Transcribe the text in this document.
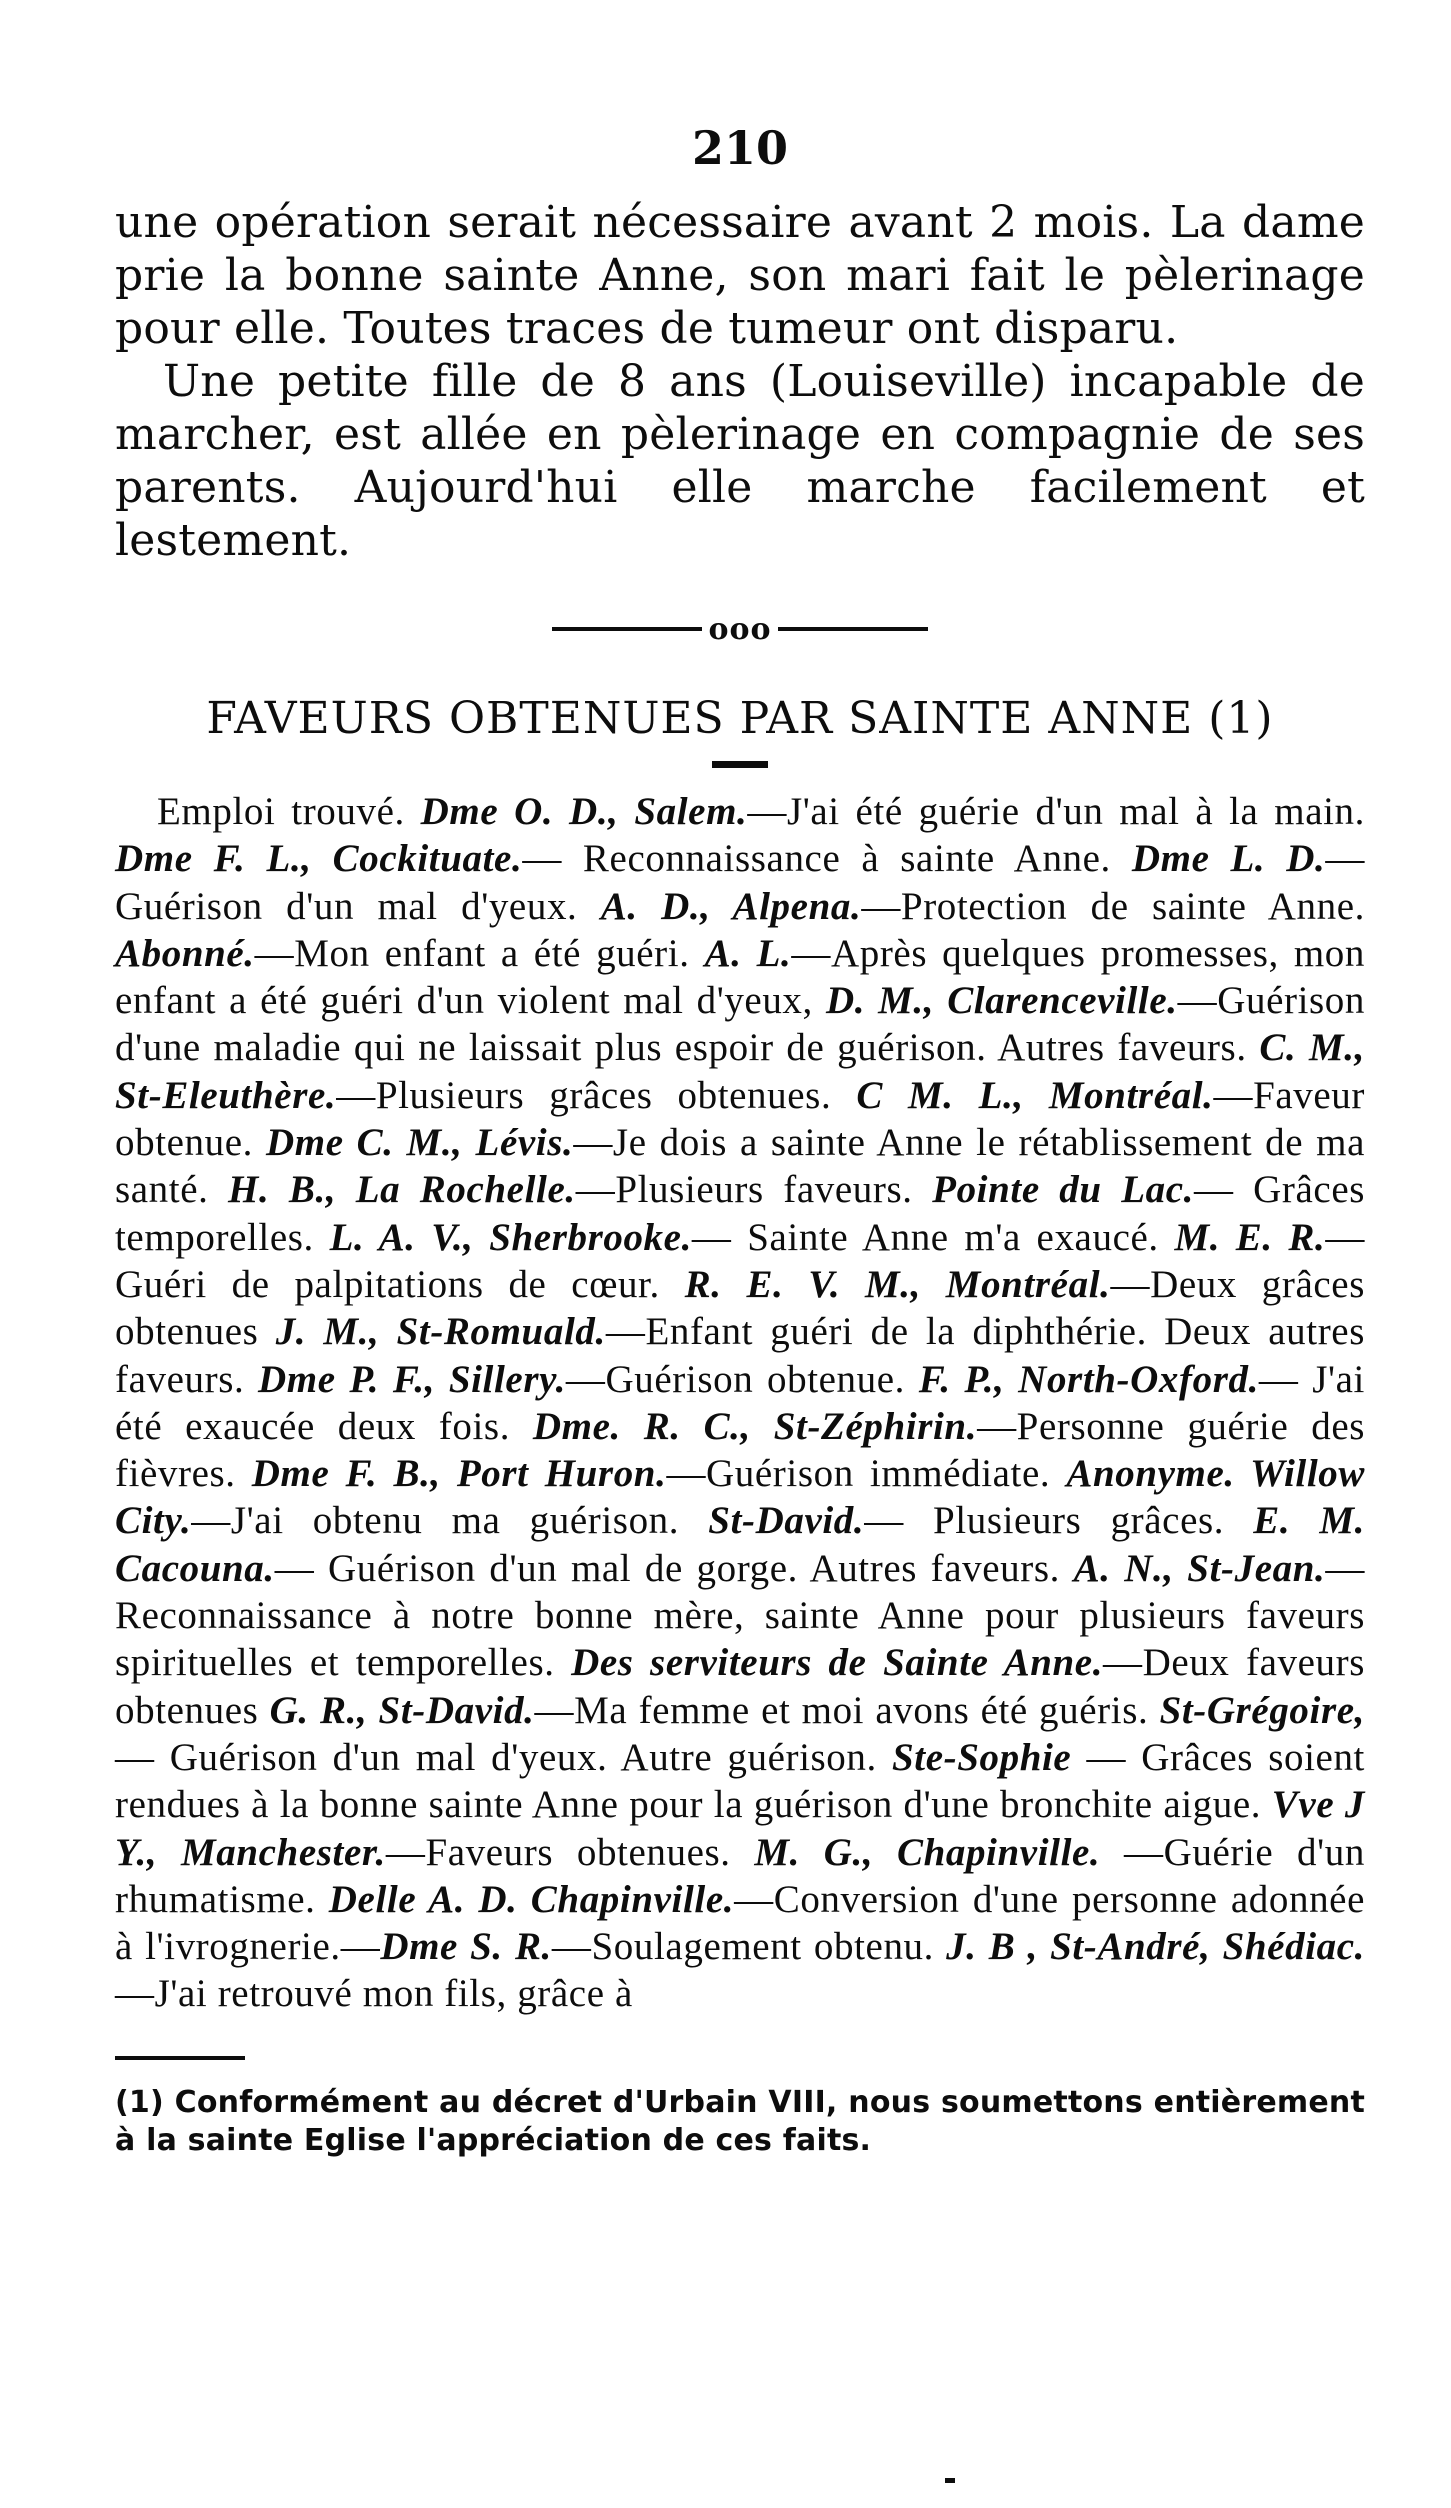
210

une opération serait nécessaire avant 2 mois. La dame prie la bonne sainte Anne, son mari fait le pèlerinage pour elle. Toutes traces de tumeur ont disparu.

Une petite fille de 8 ans (Louiseville) incapable de marcher, est allée en pèlerinage en compagnie de ses parents. Aujourd'hui elle marche facilement et lestement.

ooo
FAVEURS OBTENUES PAR SAINTE ANNE (1)

Emploi trouvé. Dme O. D., Salem.—J'ai été guérie d'un mal à la main. Dme F. L., Cockituate.— Reconnaissance à sainte Anne. Dme L. D.—Guérison d'un mal d'yeux. A. D., Alpena.—Protection de sainte Anne. Abonné.—Mon enfant a été guéri. A. L.—Après quelques promesses, mon enfant a été guéri d'un violent mal d'yeux, D. M., Clarenceville.—Guérison d'une maladie qui ne laissait plus espoir de guérison. Autres faveurs. C. M., St-Eleuthère.—Plusieurs grâces obtenues. C M. L., Montréal.—Faveur obtenue. Dme C. M., Lévis.—Je dois a sainte Anne le rétablissement de ma santé. H. B., La Rochelle.—Plusieurs faveurs. Pointe du Lac.— Grâces temporelles. L. A. V., Sherbrooke.— Sainte Anne m'a exaucé. M. E. R.—Guéri de palpitations de cœur. R. E. V. M., Montréal.—Deux grâces obtenues J. M., St-Romuald.—Enfant guéri de la diphthérie. Deux autres faveurs. Dme P. F., Sillery.—Guérison obtenue. F. P., North-Oxford.— J'ai été exaucée deux fois. Dme. R. C., St-Zéphirin.—Personne guérie des fièvres. Dme F. B., Port Huron.—Guérison immédiate. Anonyme. Willow City.—J'ai obtenu ma guérison. St-David.— Plusieurs grâces. E. M. Cacouna.— Guérison d'un mal de gorge. Autres faveurs. A. N., St-Jean.—Reconnaissance à notre bonne mère, sainte Anne pour plusieurs faveurs spirituelles et temporelles. Des serviteurs de Sainte Anne.—Deux faveurs obtenues G. R., St-David.—Ma femme et moi avons été guéris. St-Grégoire, — Guérison d'un mal d'yeux. Autre guérison. Ste-Sophie — Grâces soient rendues à la bonne sainte Anne pour la guérison d'une bronchite aigue. Vve J Y., Manchester.—Faveurs obtenues. M. G., Chapinville. —Guérie d'un rhumatisme. Delle A. D. Chapinville.—Conversion d'une personne adonnée à l'ivrognerie.—Dme S. R.—Soulagement obtenu. J. B , St-André, Shédiac.—J'ai retrouvé mon fils, grâce à

(1) Conformément au décret d'Urbain VIII, nous soumettons entièrement à la sainte Eglise l'appréciation de ces faits.
